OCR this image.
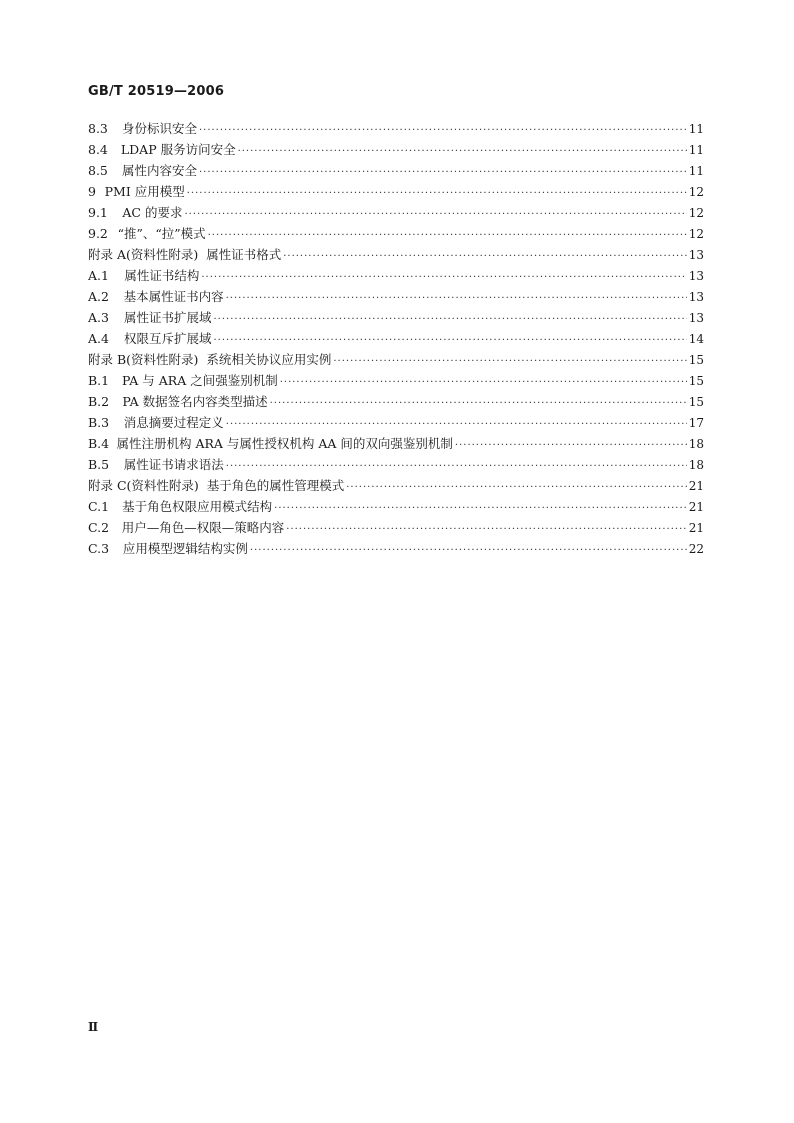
GB/T 20519—2006
8.3 身份标识安全 ·····	11
8.4 LDAP 服务访问安全 ·····	11
8.5 属性内容安全 ·····	11
9 PMI 应用模型 ·····	12
9.1 AC 的要求 ·····	12
9.2 “推”、“拉”模式 ·····	12
附录 A (资料性附录)  属性证书格式 ·····	13
A.1 属性证书结构 ·····	13
A.2 基本属性证书内容 ·····	13
A.3 属性证书扩展域 ·····	13
A.4 权限互斥扩展域 ·····	14
附录 B (资料性附录)  系统相关协议应用实例 ·····	15
B.1 PA 与 ARA 之间强鉴别机制 ·····	15
B.2 PA 数据签名内容类型描述 ·····	15
B.3 消息摘要过程定义 ·····	17
B.4 属性注册机构 ARA 与属性授权机构 AA 间的双向强鉴别机制 ·····	18
B.5 属性证书请求语法 ·····	18
附录 C (资料性附录)  基于角色的属性管理模式 ·····	21
C.1 基于角色权限应用模式结构 ·····	21
C.2 用户—角色—权限—策略内容 ·····	21
C.3 应用模型逻辑结构实例 ·····	22
Ⅱ
